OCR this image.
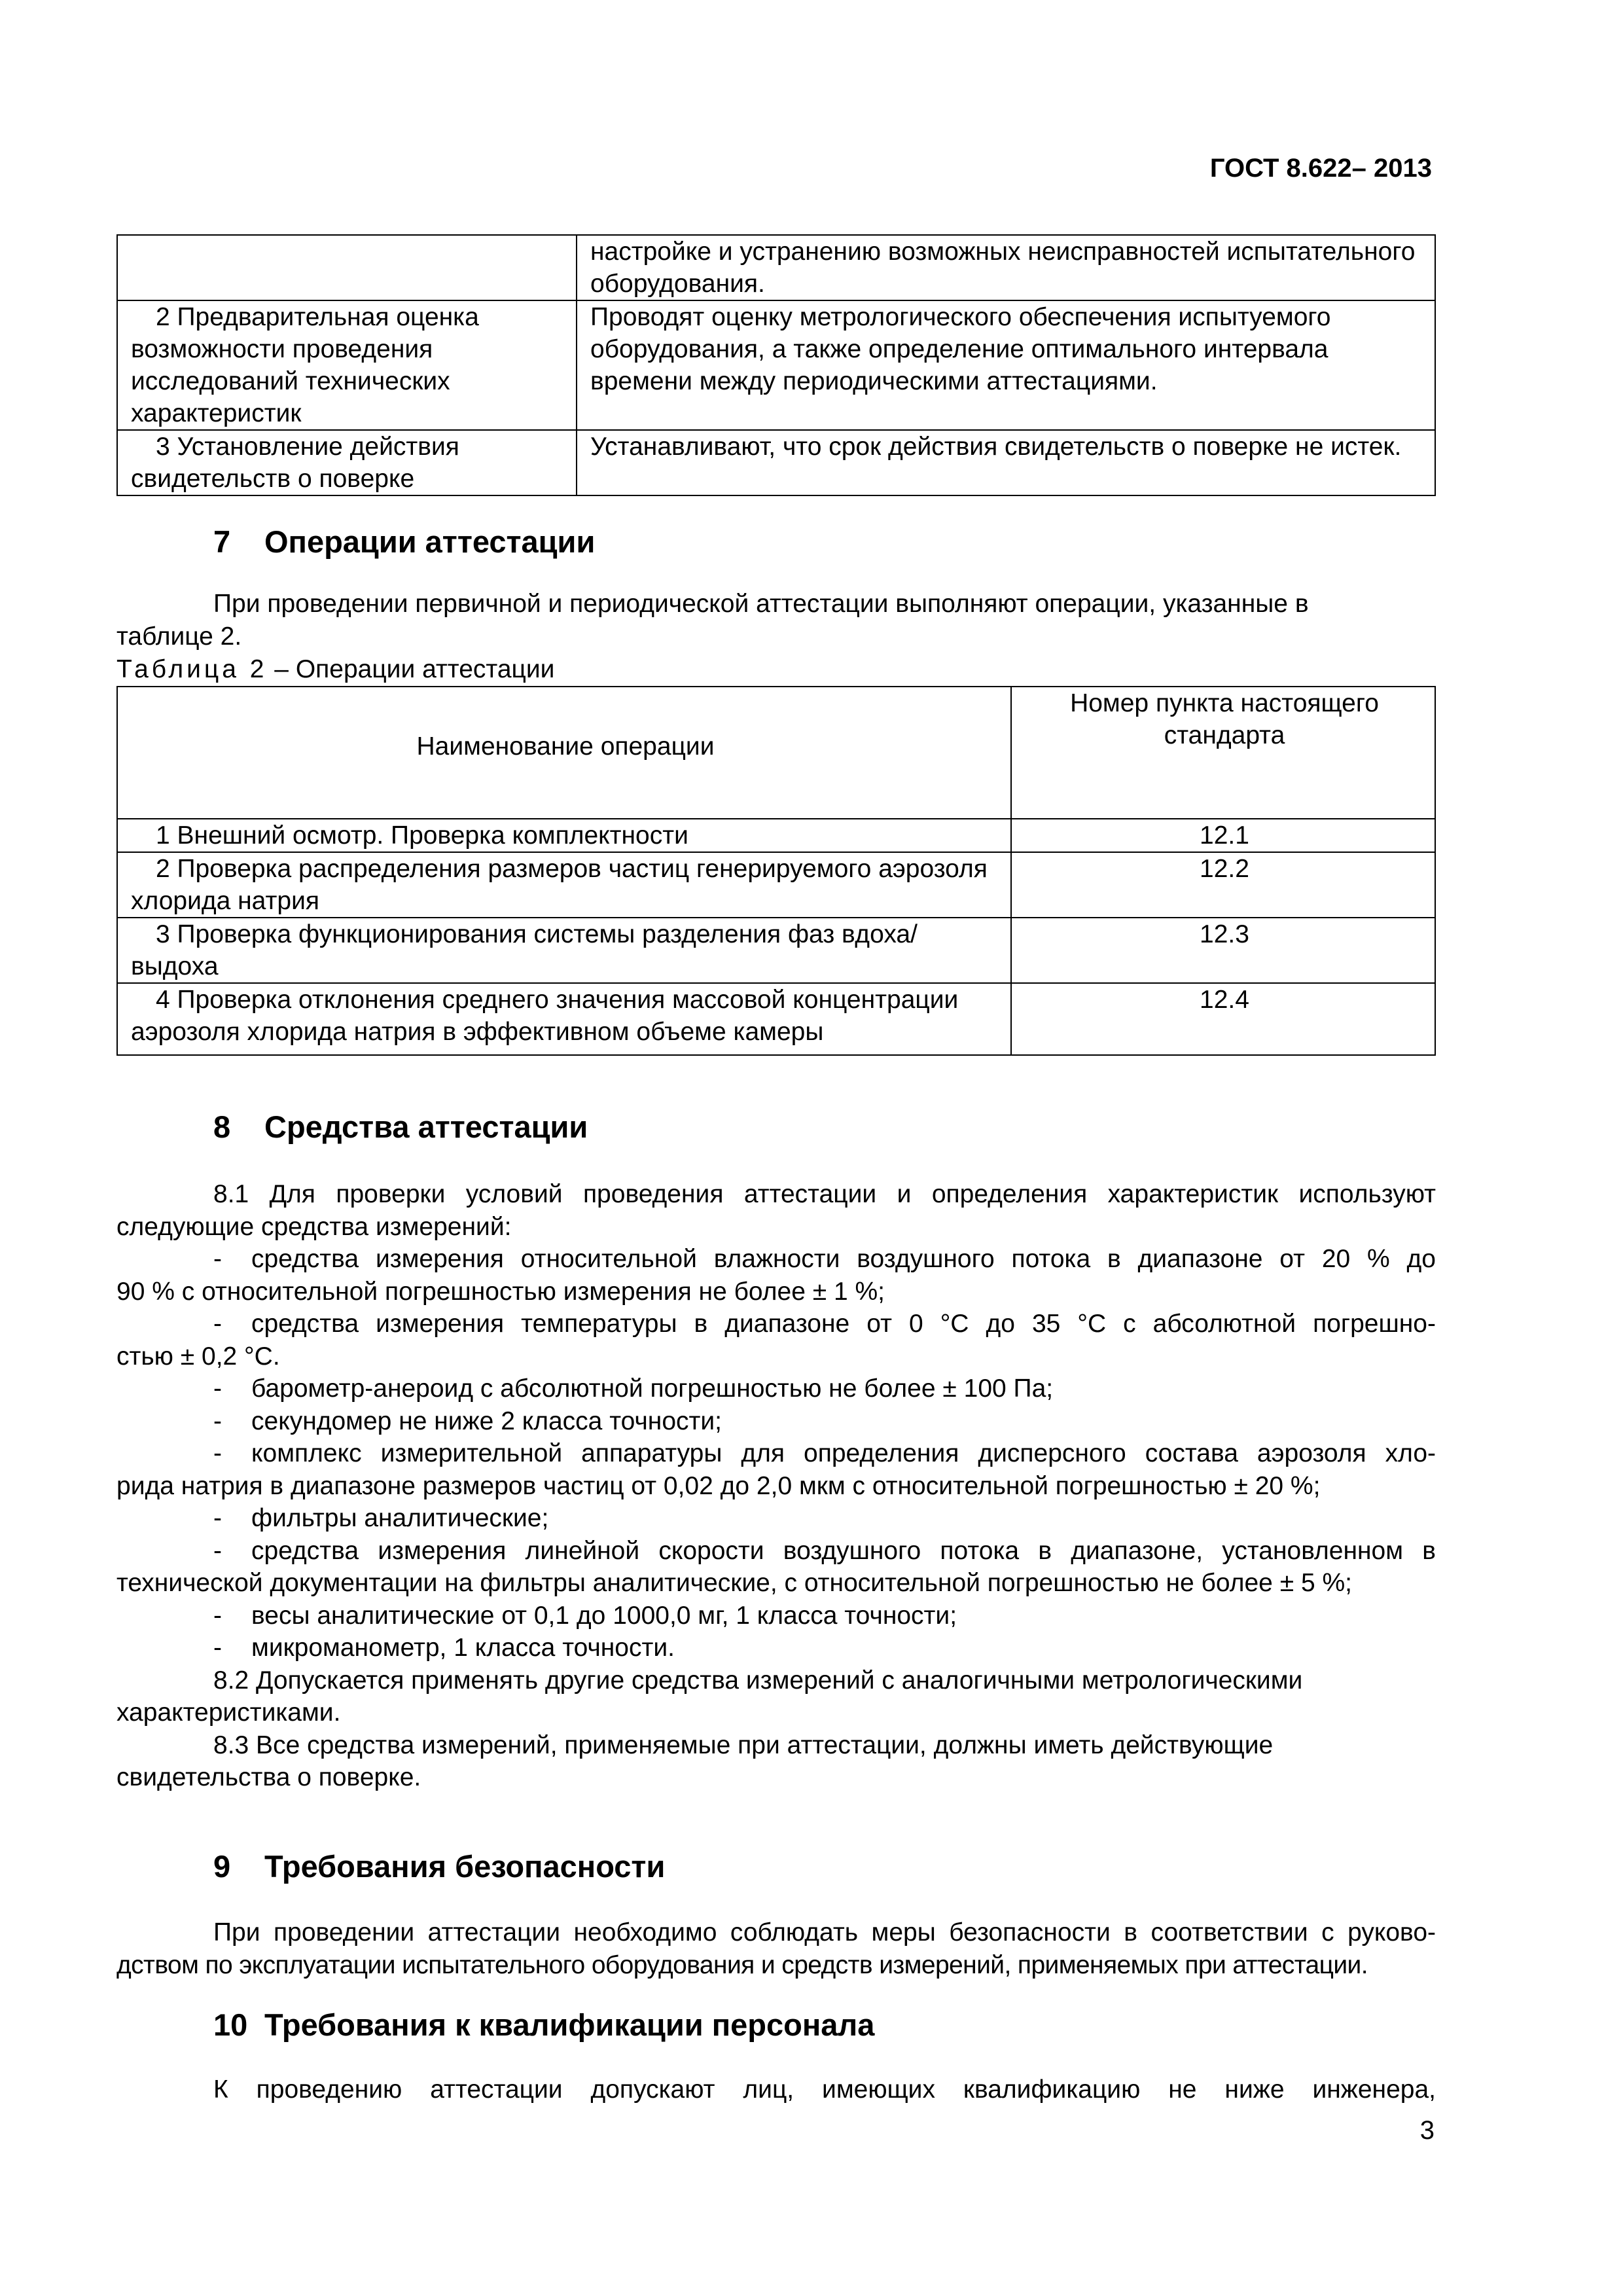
ГОСТ 8.622– 2013
	настройке и устранению возможных неисправностей испытательного оборудования.
2 Предварительная оценка возможности проведения исследований технических характеристик	Проводят оценку метрологического обеспечения испытуемого оборудования, а также определение оптимального интервала времени между периодическими аттестациями.
3 Установление действия свидетельств о поверке	Устанавливают, что срок действия свидетельств о поверке не истек.
7 Операции аттестации
При проведении первичной и периодической аттестации выполняют операции, указанные в
таблице 2.
Таблица 2 – Операции аттестации
Наименование операции	Номер пункта настоящего стандарта
1 Внешний осмотр. Проверка комплектности	12.1
2 Проверка распределения размеров частиц генерируемого аэрозоля хлорида натрия	12.2
3 Проверка функционирования системы разделения фаз вдоха/выдоха	12.3
4 Проверка отклонения среднего значения массовой концентрации аэрозоля хлорида натрия в эффективном объеме камеры	12.4
8 Средства аттестации
8.1 Для проверки условий проведения аттестации и определения характеристик используют
следующие средства измерений:
- средства измерения относительной влажности воздушного потока в диапазоне от 20 % до
90 % с относительной погрешностью измерения не более ± 1 %;
- средства измерения температуры в диапазоне от 0 °С до 35 °С с абсолютной погрешно-
стью ± 0,2 °С.
- барометр-анероид с абсолютной погрешностью не более ± 100 Па;
- секундомер не ниже 2 класса точности;
- комплекс измерительной аппаратуры для определения дисперсного состава аэрозоля хло-
рида натрия в диапазоне размеров частиц от 0,02 до 2,0 мкм с относительной погрешностью ± 20 %;
- фильтры аналитические;
- средства измерения линейной скорости воздушного потока в диапазоне, установленном в
технической документации на фильтры аналитические, с относительной погрешностью не более ± 5 %;
- весы аналитические от 0,1 до 1000,0 мг, 1 класса точности;
- микроманометр, 1 класса точности.
8.2 Допускается применять другие средства измерений с аналогичными метрологическими
характеристиками.
8.3 Все средства измерений, применяемые при аттестации, должны иметь действующие
свидетельства о поверке.
9 Требования безопасности
При проведении аттестации необходимо соблюдать меры безопасности в соответствии с руково-
дством по эксплуатации испытательного оборудования и средств измерений, применяемых при аттестации.
10 Требования к квалификации персонала
К проведению аттестации допускают лиц, имеющих квалификацию не ниже инженера,
3
